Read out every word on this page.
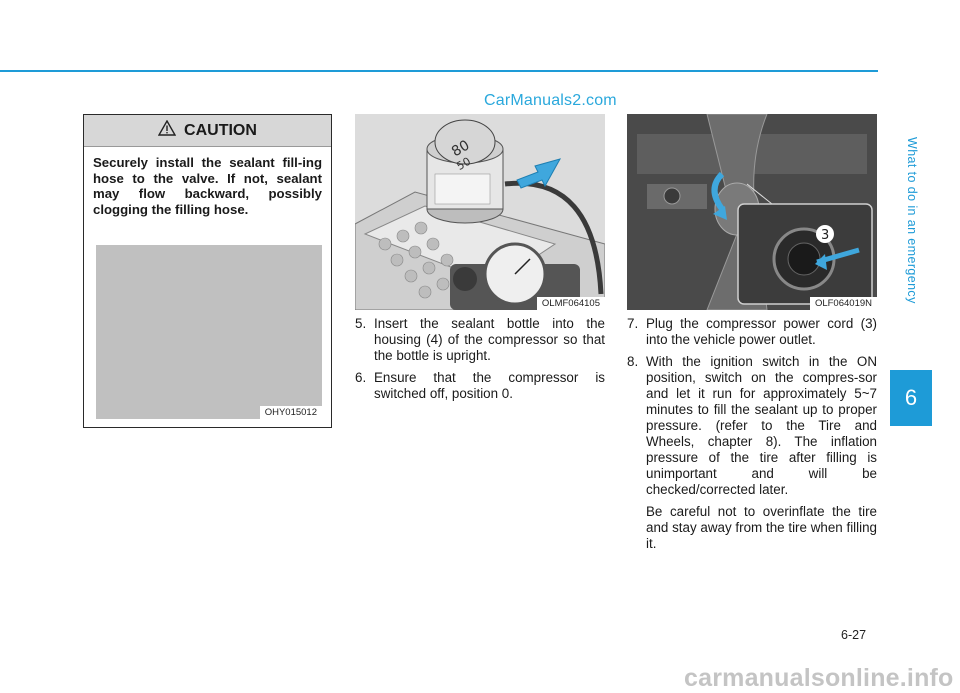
CarManuals2.com
What to do in an emergency
6
CAUTION
Securely install the sealant fill-ing hose to the valve. If not, sealant may flow backward, possibly clogging the filling hose.
OHY015012
80
50
OLMF064105
3
OLF064019N
5. Insert the sealant bottle into the housing (4) of the compressor so that the bottle is upright.
6. Ensure that the compressor is switched off, position 0.
7. Plug the compressor power cord (3) into the vehicle power outlet.
8. With the ignition switch in the ON position, switch on the compres-sor and let it run for approximately 5~7 minutes to fill the sealant up to proper pressure. (refer to the Tire and Wheels, chapter 8). The inflation pressure of the tire after filling is unimportant and will be checked/corrected later.
Be careful not to overinflate the tire and stay away from the tire when filling it.
6-27
carmanualsonline.info
